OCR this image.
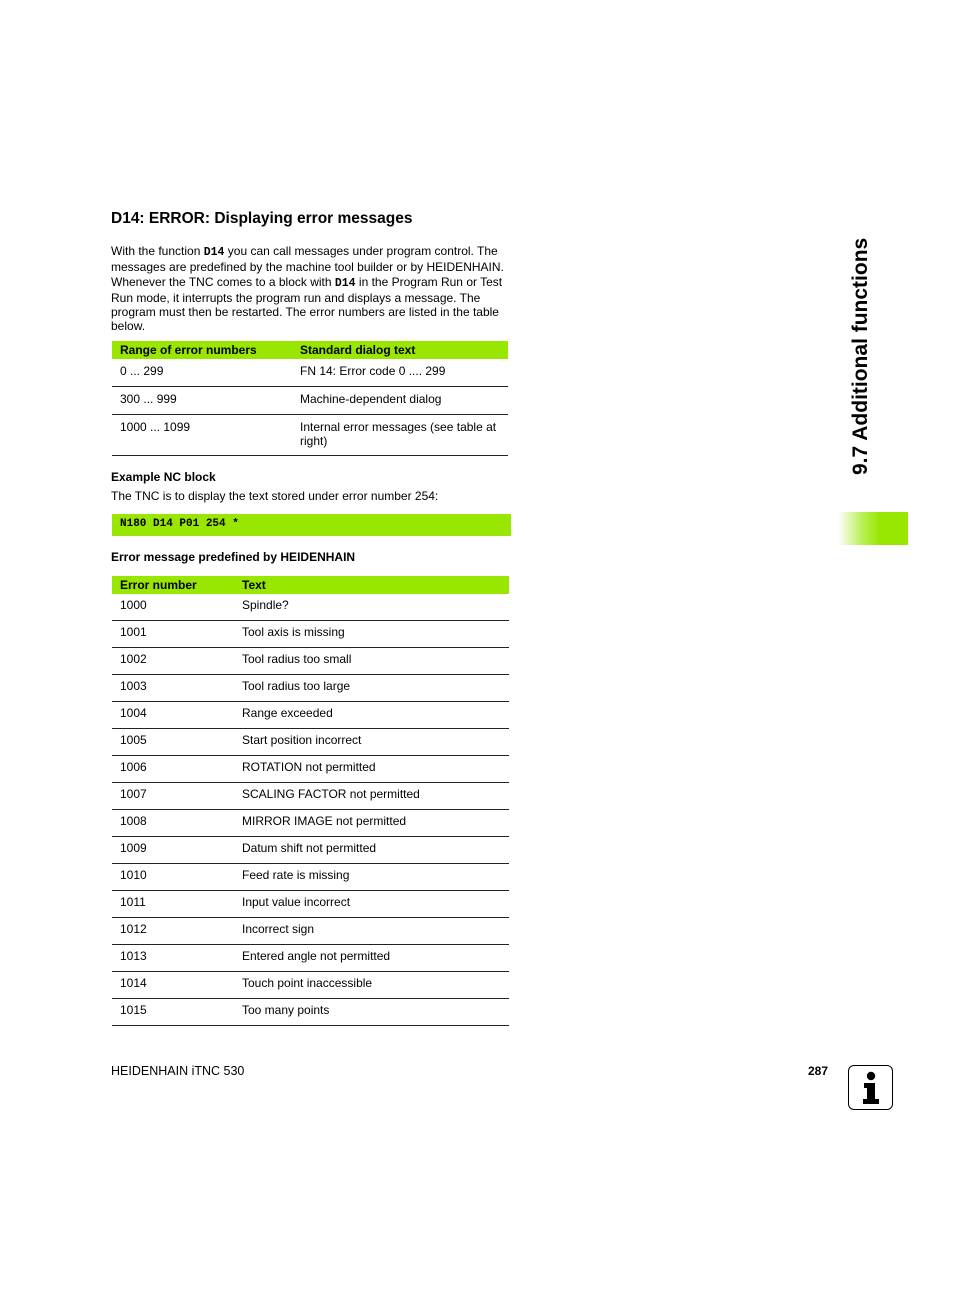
D14: ERROR: Displaying error messages

With the function D14 you can call messages under program control. The messages are predefined by the machine tool builder or by HEIDENHAIN. Whenever the TNC comes to a block with D14 in the Program Run or Test Run mode, it interrupts the program run and displays a message. The program must then be restarted. The error numbers are listed in the table below.

Range of error numbers	Standard dialog text
0 ... 299	FN 14: Error code 0 .... 299
300 ... 999	Machine-dependent dialog
1000 ... 1099	Internal error messages (see table at right)

Example NC block

The TNC is to display the text stored under error number 254:

N180 D14 P01 254 *

Error message predefined by HEIDENHAIN

Error number	Text
1000	Spindle?
1001	Tool axis is missing
1002	Tool radius too small
1003	Tool radius too large
1004	Range exceeded
1005	Start position incorrect
1006	ROTATION not permitted
1007	SCALING FACTOR not permitted
1008	MIRROR IMAGE not permitted
1009	Datum shift not permitted
1010	Feed rate is missing
1011	Input value incorrect
1012	Incorrect sign
1013	Entered angle not permitted
1014	Touch point inaccessible
1015	Too many points
9.7 Additional functions

HEIDENHAIN iTNC 530	287
